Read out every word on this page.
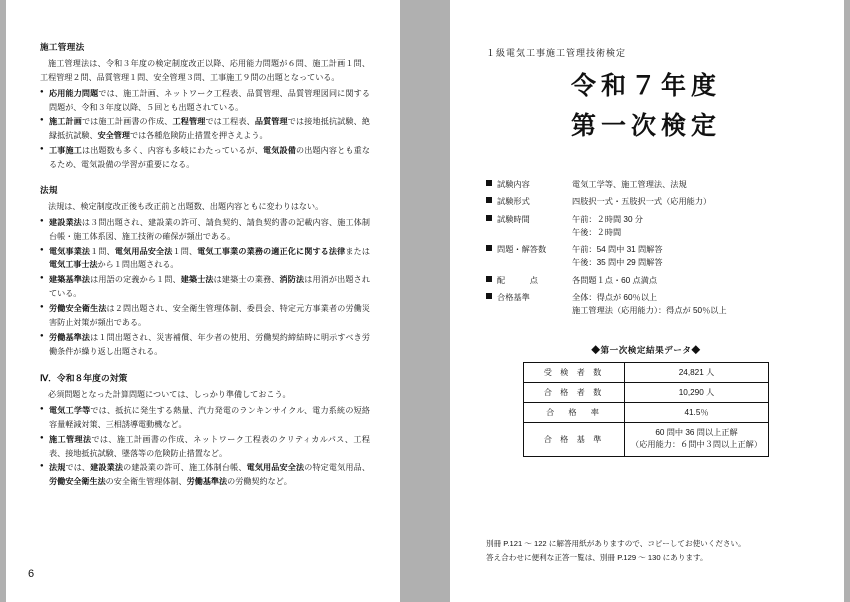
施工管理法

施工管理法は、令和３年度の検定制度改正以降、応用能力問題が６問、施工計画１問、工程管理２問、品質管理１問、安全管理３問、工事施工９問の出題となっている。

● 応用能力問題では、施工計画、ネットワーク工程表、品質管理、品質管理図同に関する問題が、令和３年度以降、５回とも出題されている。
● 施工計画では施工計画書の作成、工程管理では工程表、品質管理では接地抵抗試験、絶縁抵抗試験、安全管理では各種危険防止措置を押さえよう。
● 工事施工は出題数も多く、内容も多岐にわたっているが、電気設備の出題内容とも重なるため、電気設備の学習が重要になる。
法規

法規は、検定制度改正後も改正前と出題数、出題内容ともに変わりはない。

● 建設業法は３問出題され、建設業の許可、請負契約、請負契約書の記載内容、施工体制台帳・施工体系図、施工技術の確保が頻出である。
● 電気事業法１問、電気用品安全法１問、電気工事業の業務の適正化に関する法律または電気工事士法から１問出題される。
● 建築基準法は用語の定義から１問、建築士法は建築士の業務、消防法は用消が出題されている。
● 労働安全衛生法は２問出題され、安全衛生管理体制、委員会、特定元方事業者の労働災害防止対策が頻出である。
● 労働基準法は１問出題され、災害補償、年少者の使用、労働契約締結時に明示すべき労働条件が繰り返し出題される。
Ⅳ．令和８年度の対策

必須問題となった計算問題については、しっかり準備しておこう。

● 電気工学等では、抵抗に発生する熱量、汽力発電のランキンサイクル、電力系統の短絡容量軽減対策、三相誘導電動機など。
● 施工管理法では、施工計画書の作成、ネットワーク工程表のクリティカルパス、工程表、接地抵抗試験、墜落等の危険防止措置など。
● 法規では、建設業法の建設業の許可、施工体制台帳、電気用品安全法の特定電気用品、労働安全衛生法の安全衛生管理体制、労働基準法の労働契約など。
6
１級電気工事施工管理技術検定
令和７年度
第一次検定
試験内容	電気工学等、施工管理法、法規
試験形式	四肢択一式・五肢択一式（応用能力）
試験時間	午前：２時間 30 分
午後：２時間
問題・解答数	午前：54 問中 31 問解答
午後：35 問中 29 問解答
配　　　点	各問題１点・60 点満点
合格基準	全体：得点が 60％以上
施工管理法（応用能力）：得点が 50％以上
◆第一次検定結果データ◆
受 検 者 数	24,821 人
合 格 者 数	10,290 人
合　格　率	41.5％
合 格 基 準	60 問中 36 問以上正解
（応用能力：６問中３問以上正解）
別冊 P.121 ～ 122 に解答用紙がありますので、コピーしてお使いください。
答え合わせに便利な正答一覧は、別冊 P.129 ～ 130 にあります。
